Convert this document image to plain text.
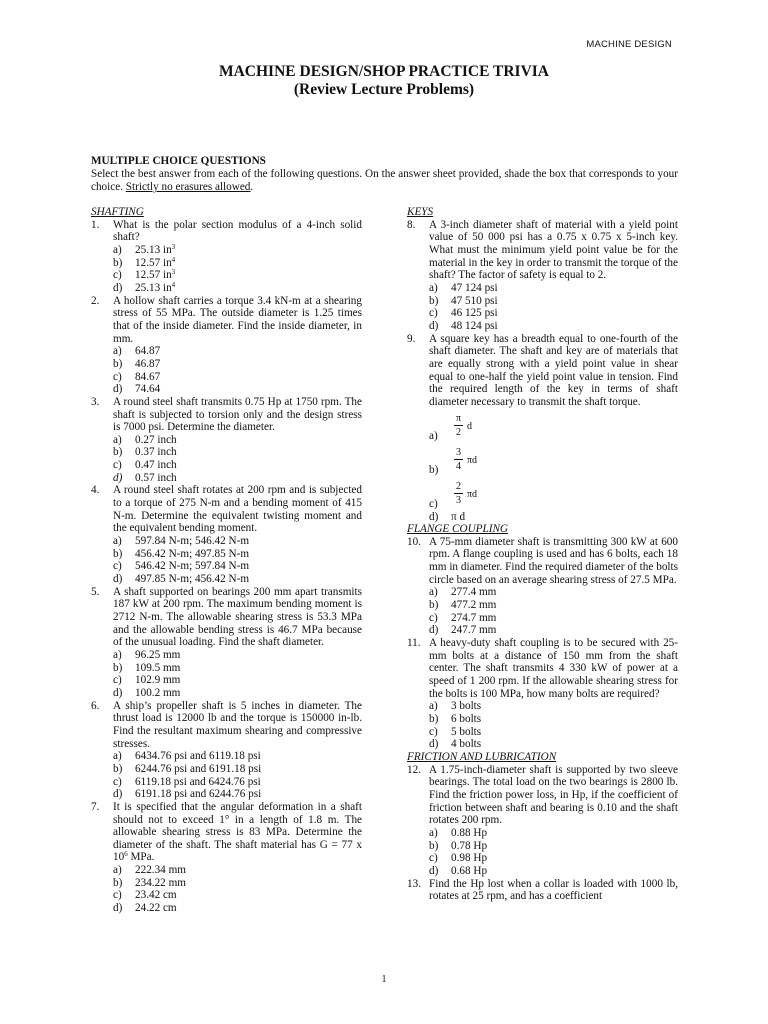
MACHINE DESIGN
MACHINE DESIGN/SHOP PRACTICE TRIVIA
(Review Lecture Problems)
MULTIPLE CHOICE QUESTIONS

Select the best answer from each of the following questions. On the answer sheet provided, shade the box that corresponds to your choice. Strictly no erasures allowed.

SHAFTING
1. What is the polar section modulus of a 4-inch solid shaft?
a) 25.13 $in^3$
b) 12.57 $in^4$
c) 12.57 $in^3$
d) 25.13 $in^4$
2. A hollow shaft carries a torque 3.4 kN-m at a shearing stress of 55 MPa. The outside diameter is 1.25 times that of the inside diameter. Find the inside diameter, in mm.
a) 64.87
b) 46.87
c) 84.67
d) 74.64
3. A round steel shaft transmits 0.75 Hp at 1750 rpm. The shaft is subjected to torsion only and the design stress is 7000 psi. Determine the diameter.
a) 0.27 inch
b) 0.37 inch
c) 0.47 inch
d) 0.57 inch
4. A round steel shaft rotates at 200 rpm and is subjected to a torque of 275 N-m and a bending moment of 415 N-m. Determine the equivalent twisting moment and the equivalent bending moment.
a) 597.84 N-m; 546.42 N-m
b) 456.42 N-m; 497.85 N-m
c) 546.42 N-m; 597.84 N-m
d) 497.85 N-m; 456.42 N-m
5. A shaft supported on bearings 200 mm apart transmits 187 kW at 200 rpm. The maximum bending moment is 2712 N-m. The allowable shearing stress is 53.3 MPa and the allowable bending stress is 46.7 MPa because of the unusual loading. Find the shaft diameter.
a) 96.25 mm
b) 109.5 mm
c) 102.9 mm
d) 100.2 mm
6. A ship’s propeller shaft is 5 inches in diameter. The thrust load is 12000 lb and the torque is 150000 in-lb. Find the resultant maximum shearing and compressive stresses.
a) 6434.76 psi and 6119.18 psi
b) 6244.76 psi and 6191.18 psi
c) 6119.18 psi and 6424.76 psi
d) 6191.18 psi and 6244.76 psi
7. It is specified that the angular deformation in a shaft should not to exceed 1° in a length of 1.8 m. The allowable shearing stress is 83 MPa. Determine the diameter of the shaft. The shaft material has G = 77 x $10^6$ MPa.
a) 222.34 mm
b) 234.22 mm
c) 23.42 cm
d) 24.22 cm
KEYS
8. A 3-inch diameter shaft of material with a yield point value of 50 000 psi has a 0.75 x 0.75 x 5-inch key. What must the minimum yield point value be for the material in the key in order to transmit the torque of the shaft? The factor of safety is equal to 2.
a) 47 124 psi
b) 47 510 psi
c) 46 125 psi
d) 48 124 psi
9. A square key has a breadth equal to one-fourth of the shaft diameter. The shaft and key are of materials that are equally strong with a yield point value in shear equal to one-half the yield point value in tension. Find the required length of the key in terms of shaft diameter necessary to transmit the shaft torque.
a)
π
2
d
b)
3
4
πd
c)
2
3
πd
d) π d
FLANGE COUPLING
10. A 75-mm diameter shaft is transmitting 300 kW at 600 rpm. A flange coupling is used and has 6 bolts, each 18 mm in diameter. Find the required diameter of the bolts circle based on an average shearing stress of 27.5 MPa.
a) 277.4 mm
b) 477.2 mm
c) 274.7 mm
d) 247.7 mm
11. A heavy-duty shaft coupling is to be secured with 25-mm bolts at a distance of 150 mm from the shaft center. The shaft transmits 4 330 kW of power at a speed of 1 200 rpm. If the allowable shearing stress for the bolts is 100 MPa, how many bolts are required?
a) 3 bolts
b) 6 bolts
c) 5 bolts
d) 4 bolts
FRICTION AND LUBRICATION
12. A 1.75-inch-diameter shaft is supported by two sleeve bearings. The total load on the two bearings is 2800 lb. Find the friction power loss, in Hp, if the coefficient of friction between shaft and bearing is 0.10 and the shaft rotates 200 rpm.
a) 0.88 Hp
b) 0.78 Hp
c) 0.98 Hp
d) 0.68 Hp
13. Find the Hp lost when a collar is loaded with 1000 lb, rotates at 25 rpm, and has a coefficient
1
